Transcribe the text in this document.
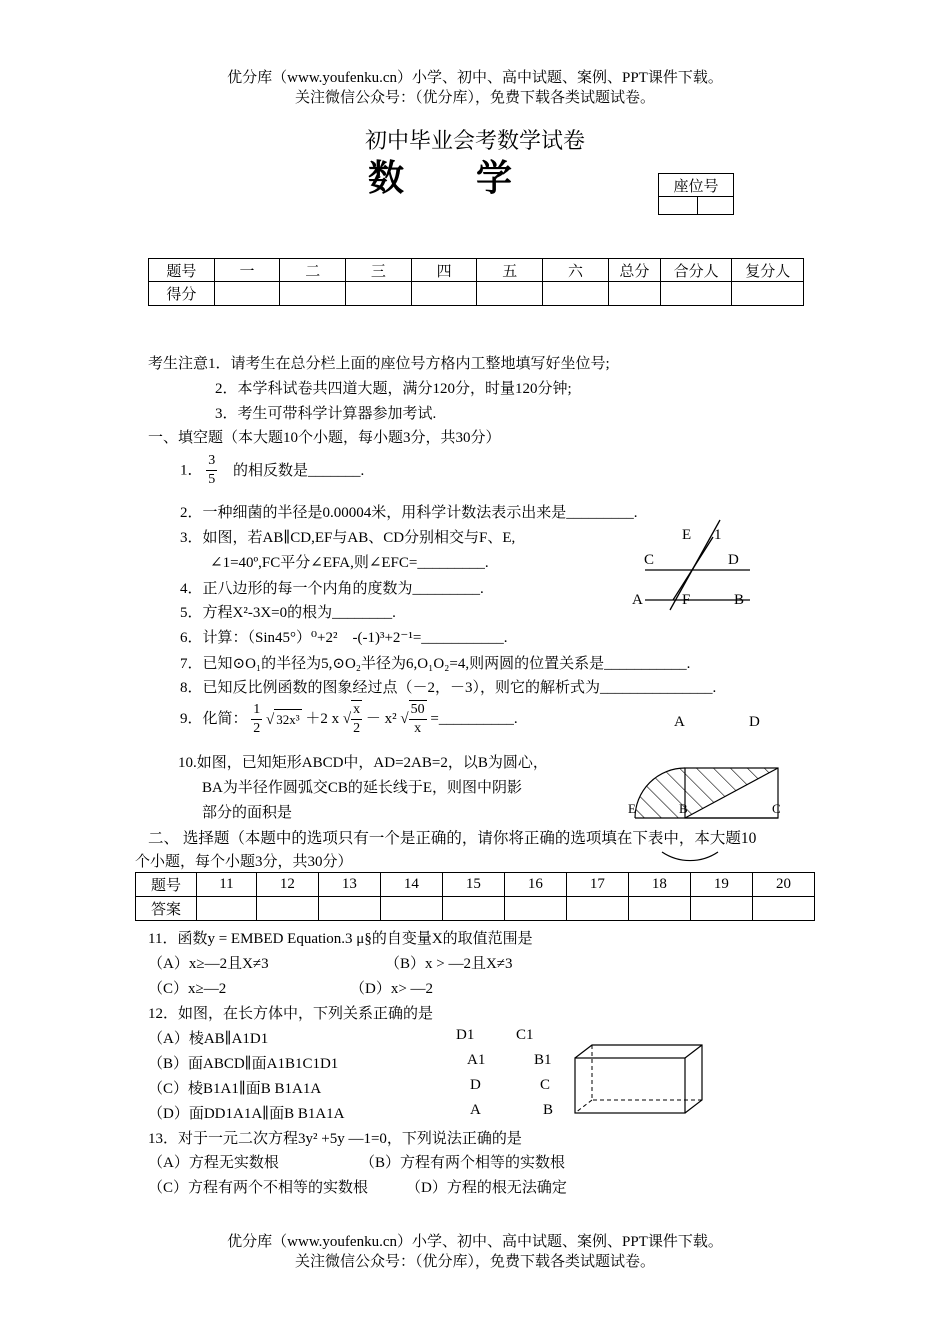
优分库（www.youfenku.cn）小学、初中、高中试题、案例、PPT课件下载。
关注微信公众号：（优分库），免费下载各类试题试卷。
初中毕业会考数学试卷
数　　学	座位号

题号	一	二	三	四	五	六	总分	合分人	复分人
得分									
考生注意1．请考生在总分栏上面的座位号方格内工整地填写好坐位号;
2．本学科试卷共四道大题，满分120分，时量120分钟;
3．考生可带科学计算器参加考试.
一、填空题（本大题10个小题，每小题3分，共30分）
1． $\frac{3}{5}$ 的相反数是_______.
2．一种细菌的半径是0.00004米，用科学计数法表示出来是_________.
3．如图，若AB∥CD,EF与AB、CD分别相交与F、E,
∠1=40º,FC平分∠EFA,则∠EFC=_________.
4．正八边形的每一个内角的度数为_________.
5．方程X²-3X=0的根为________.
6．计算：（Sin45°）⁰+2²　-(-1)³+2⁻¹=___________.
7．已知⊙O₁的半径为5,⊙O₂半径为6,O₁O₂=4,则两圆的位置关系是___________.
8．已知反比例函数的图象经过点（－2，－3），则它的解析式为_______________.
9．化简： $\frac{1}{2}$ √ 32x³ ＋2 x √ $\frac{x}{2} - x^2$ √ $\frac{50}{x}$ =__________.
10.如图，已知矩形ABCD中，AD=2AB=2，以B为圆心，
BA为半径作圆弧交CB的延长线于E，则图中阴影
部分的面积是
E 1
C	D
A	F	B
A	D
E	B	C
二、 选择题（本题中的选项只有一个是正确的，请你将正确的选项填在下表中，本大题10
个小题，每个小题3分，共30分）
题号	11	12	13	14	15	16	17	18	19	20
答案										
11．函数y = EMBED Equation.3 μ§的自变量X的取值范围是
（A）x≥—2且X≠3	（B）x > —2且X≠3
（C）x≥—2	（D）x> —2
12．如图，在长方体中，下列关系正确的是
（A）棱AB∥A1D1
（B）面ABCD∥面A1B1C1D1
（C）棱B1A1∥面B B1A1A
（D）面DD1A1A∥面B B1A1A
D1	C1
A1	B1
D	C
A	B
13．对于一元二次方程3y² +5y —1=0，下列说法正确的是
（A）方程无实数根	（B）方程有两个相等的实数根
（C）方程有两个不相等的实数根	（D）方程的根无法确定
优分库（www.youfenku.cn）小学、初中、高中试题、案例、PPT课件下载。
关注微信公众号：（优分库），免费下载各类试题试卷。
